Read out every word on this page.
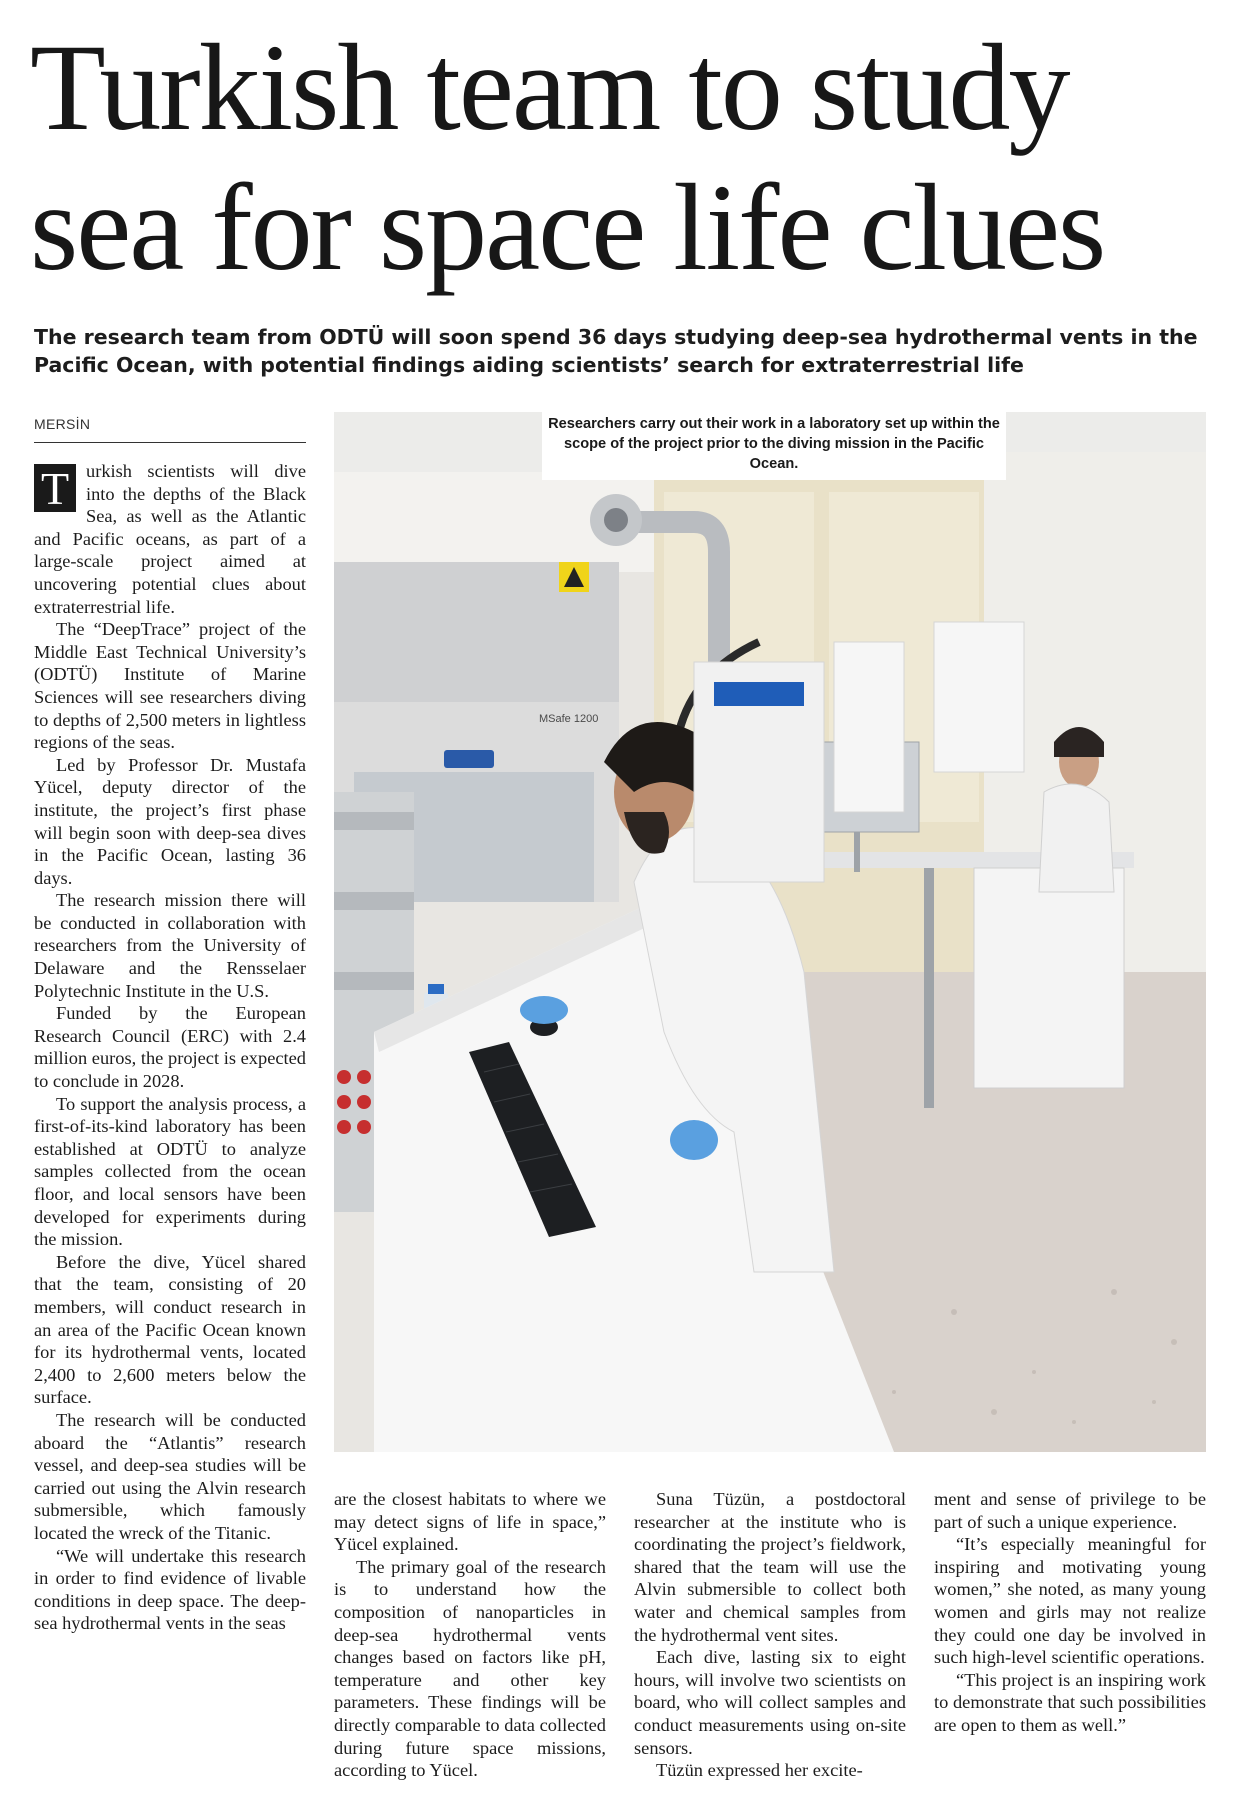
Turkish team to study
sea for space life clues

The research team from ODTÜ will soon spend 36 days studying deep-sea hydrothermal vents in the Pacific Ocean, with potential findings aiding scientists’ search for extraterrestrial life

MERSİN
MSafe 1200
Researchers carry out their work in a laboratory set up within the scope of the project prior to the diving mission in the Pacific Ocean.

T urkish scientists will dive into the depths of the Black Sea, as well as the Atlantic and Pacific oceans, as part of a large-scale project aimed at uncovering potential clues about extraterrestrial life.

The “DeepTrace” project of the Middle East Technical University’s (ODTÜ) Institute of Marine Sciences will see researchers diving to depths of 2,500 meters in lightless regions of the seas.

Led by Professor Dr. Mustafa Yücel, deputy director of the institute, the project’s first phase will begin soon with deep-sea dives in the Pacific Ocean, lasting 36 days.

The research mission there will be conducted in collaboration with researchers from the University of Delaware and the Rensselaer Polytechnic Institute in the U.S.

Funded by the European Research Council (ERC) with 2.4 million euros, the project is expected to conclude in 2028.

To support the analysis process, a first-of-its-kind laboratory has been established at ODTÜ to analyze samples collected from the ocean floor, and local sensors have been developed for experiments during the mission.

Before the dive, Yücel shared that the team, consisting of 20 members, will conduct research in an area of the Pacific Ocean known for its hydrothermal vents, located 2,400 to 2,600 meters below the surface.

The research will be conducted aboard the “Atlantis” research vessel, and deep-sea studies will be carried out using the Alvin research submersible, which famously located the wreck of the Titanic.

“We will undertake this research in order to find evidence of livable conditions in deep space. The deep-sea hydrothermal vents in the seas

are the closest habitats to where we may detect signs of life in space,” Yücel explained.

The primary goal of the research is to understand how the composition of nanoparticles in deep-sea hydrothermal vents changes based on factors like pH, temperature and other key parameters. These findings will be directly comparable to data collected during future space missions, according to Yücel.

Suna Tüzün, a postdoctoral researcher at the institute who is coordinating the project’s fieldwork, shared that the team will use the Alvin submersible to collect both water and chemical samples from the hydrothermal vent sites.

Each dive, lasting six to eight hours, will involve two scientists on board, who will collect samples and conduct measurements using on-site sensors.

Tüzün expressed her excite-

ment and sense of privilege to be part of such a unique experience.

“It’s especially meaningful for inspiring and motivating young women,” she noted, as many young women and girls may not realize they could one day be involved in such high-level scientific operations.

“This project is an inspiring work to demonstrate that such possibilities are open to them as well.”
